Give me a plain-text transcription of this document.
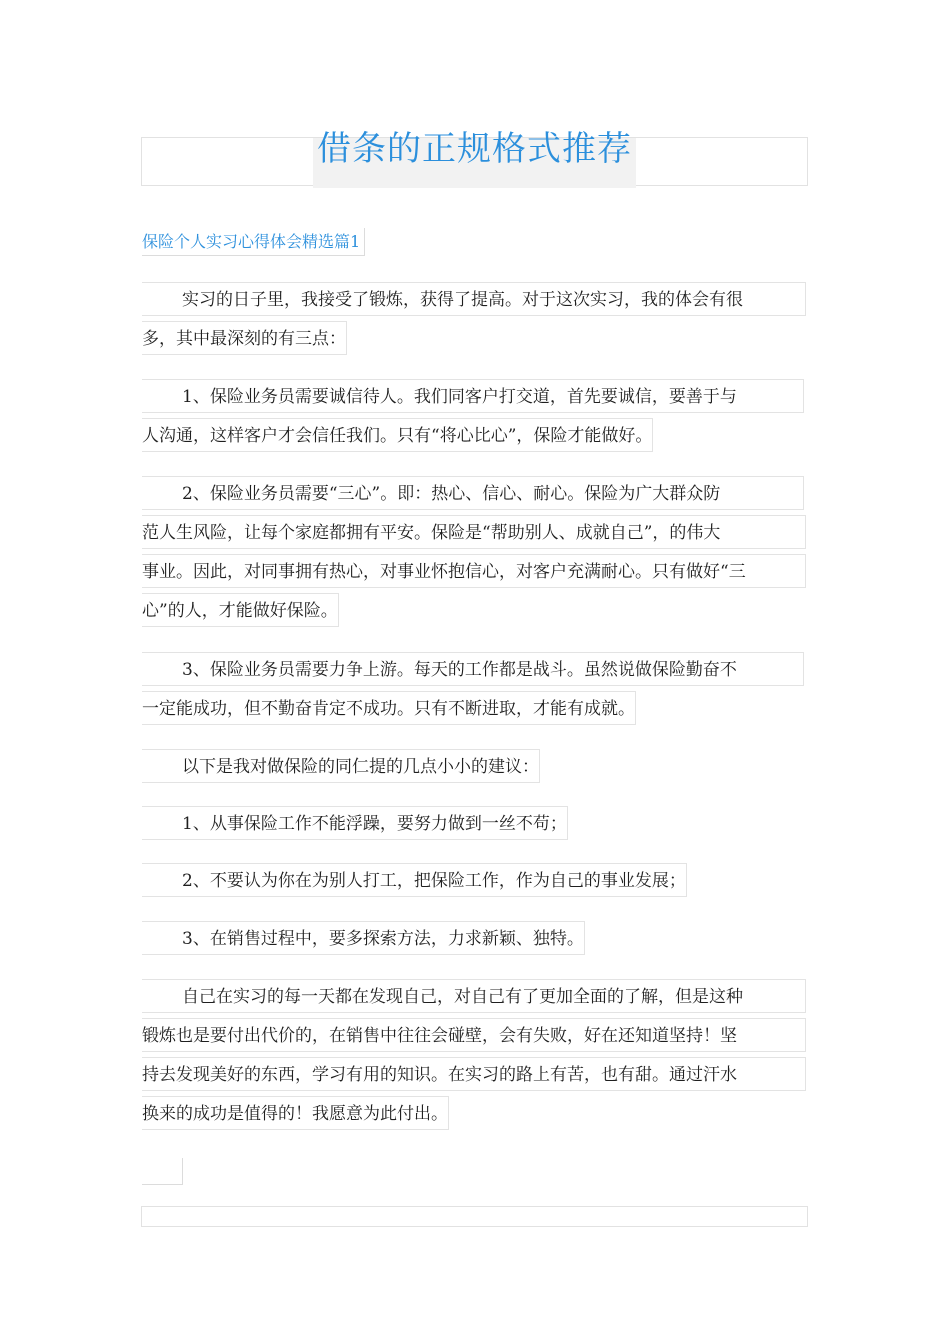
借条的正规格式推荐
保险个人实习心得体会精选篇1
实习的日子里，我接受了锻炼，获得了提高。对于这次实习，我的体会有很
多，其中最深刻的有三点：
1、保险业务员需要诚信待人。我们同客户打交道，首先要诚信，要善于与
人沟通，这样客户才会信任我们。只有“将心比心”，保险才能做好。
2、保险业务员需要“三心”。即：热心、信心、耐心。保险为广大群众防
范人生风险，让每个家庭都拥有平安。保险是“帮助别人、成就自己”，的伟大
事业。因此，对同事拥有热心，对事业怀抱信心，对客户充满耐心。只有做好“三
心”的人，才能做好保险。
3、保险业务员需要力争上游。每天的工作都是战斗。虽然说做保险勤奋不
一定能成功，但不勤奋肯定不成功。只有不断进取，才能有成就。
以下是我对做保险的同仁提的几点小小的建议：
1、从事保险工作不能浮躁，要努力做到一丝不苟；
2、不要认为你在为别人打工，把保险工作，作为自己的事业发展；
3、在销售过程中，要多探索方法，力求新颖、独特。
自己在实习的每一天都在发现自己，对自己有了更加全面的了解，但是这种
锻炼也是要付出代价的，在销售中往往会碰壁，会有失败，好在还知道坚持！坚
持去发现美好的东西，学习有用的知识。在实习的路上有苦，也有甜。通过汗水
换来的成功是值得的！我愿意为此付出。
